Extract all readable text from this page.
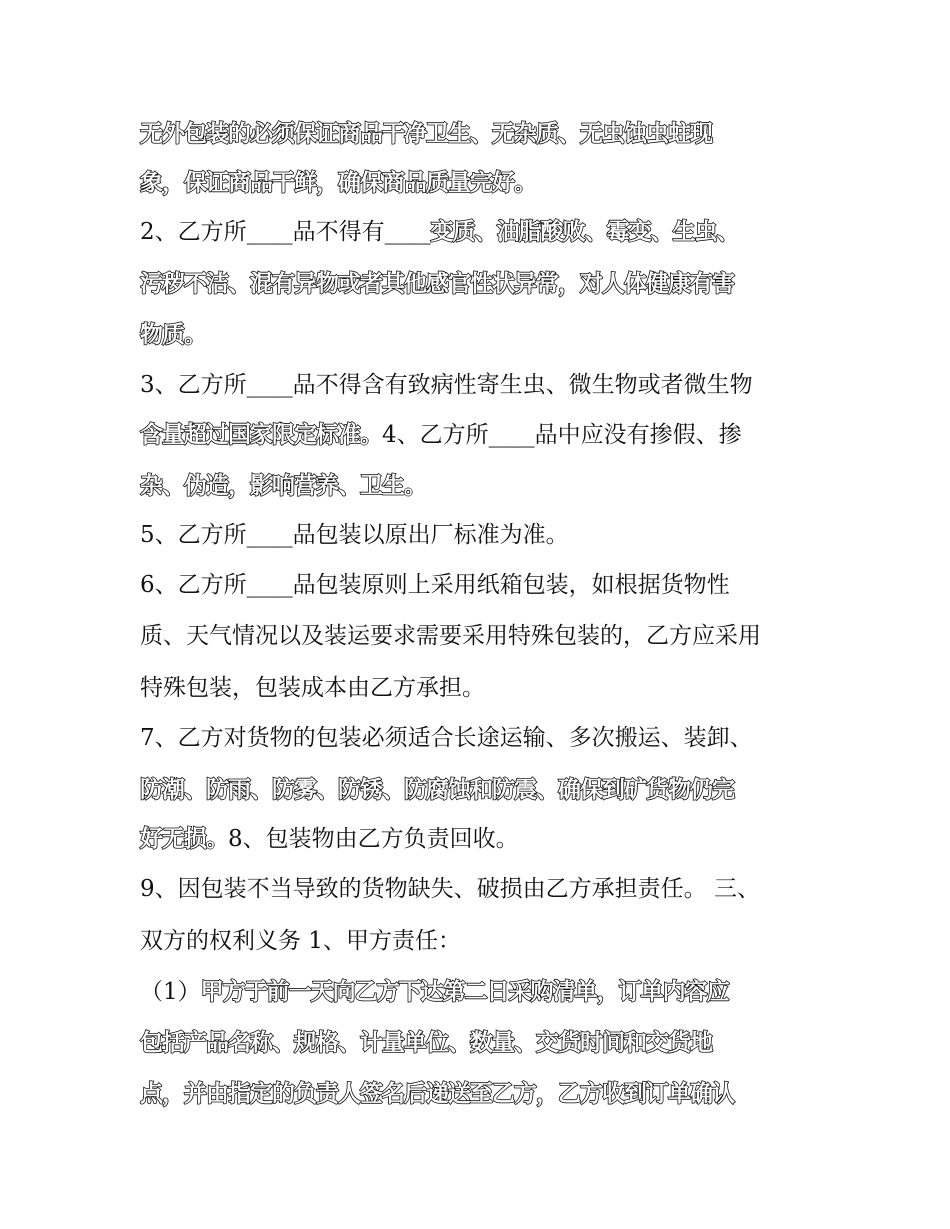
无外包装的必须保证商品干净卫生、无杂质、无虫蚀虫蛀现
象，保证商品干鲜，确保商品质量完好。
2、乙方所____品不得有____变质、油脂酸败、霉变、生虫、
污秽不洁、混有异物或者其他感官性状异常，对人体健康有害
物质。
3、乙方所____品不得含有致病性寄生虫、微生物或者微生物
含量超过国家限定标准。4、乙方所____品中应没有掺假、掺
杂、伪造，影响营养、卫生。
5、乙方所____品包装以原出厂标准为准。
6、乙方所____品包装原则上采用纸箱包装，如根据货物性
质、天气情况以及装运要求需要采用特殊包装的，乙方应采用
特殊包装，包装成本由乙方承担。
7、乙方对货物的包装必须适合长途运输、多次搬运、装卸、
防潮、防雨、防雾、防锈、防腐蚀和防震、确保到矿货物仍完
好无损。8、包装物由乙方负责回收。
9、因包装不当导致的货物缺失、破损由乙方承担责任。 三、
双方的权利义务 1、甲方责任：
（1）甲方于前一天向乙方下达第二日采购清单，订单内容应
包括产品名称、规格、计量单位、数量、交货时间和交货地
点，并由指定的负责人签名后递送至乙方，乙方收到订单确认
